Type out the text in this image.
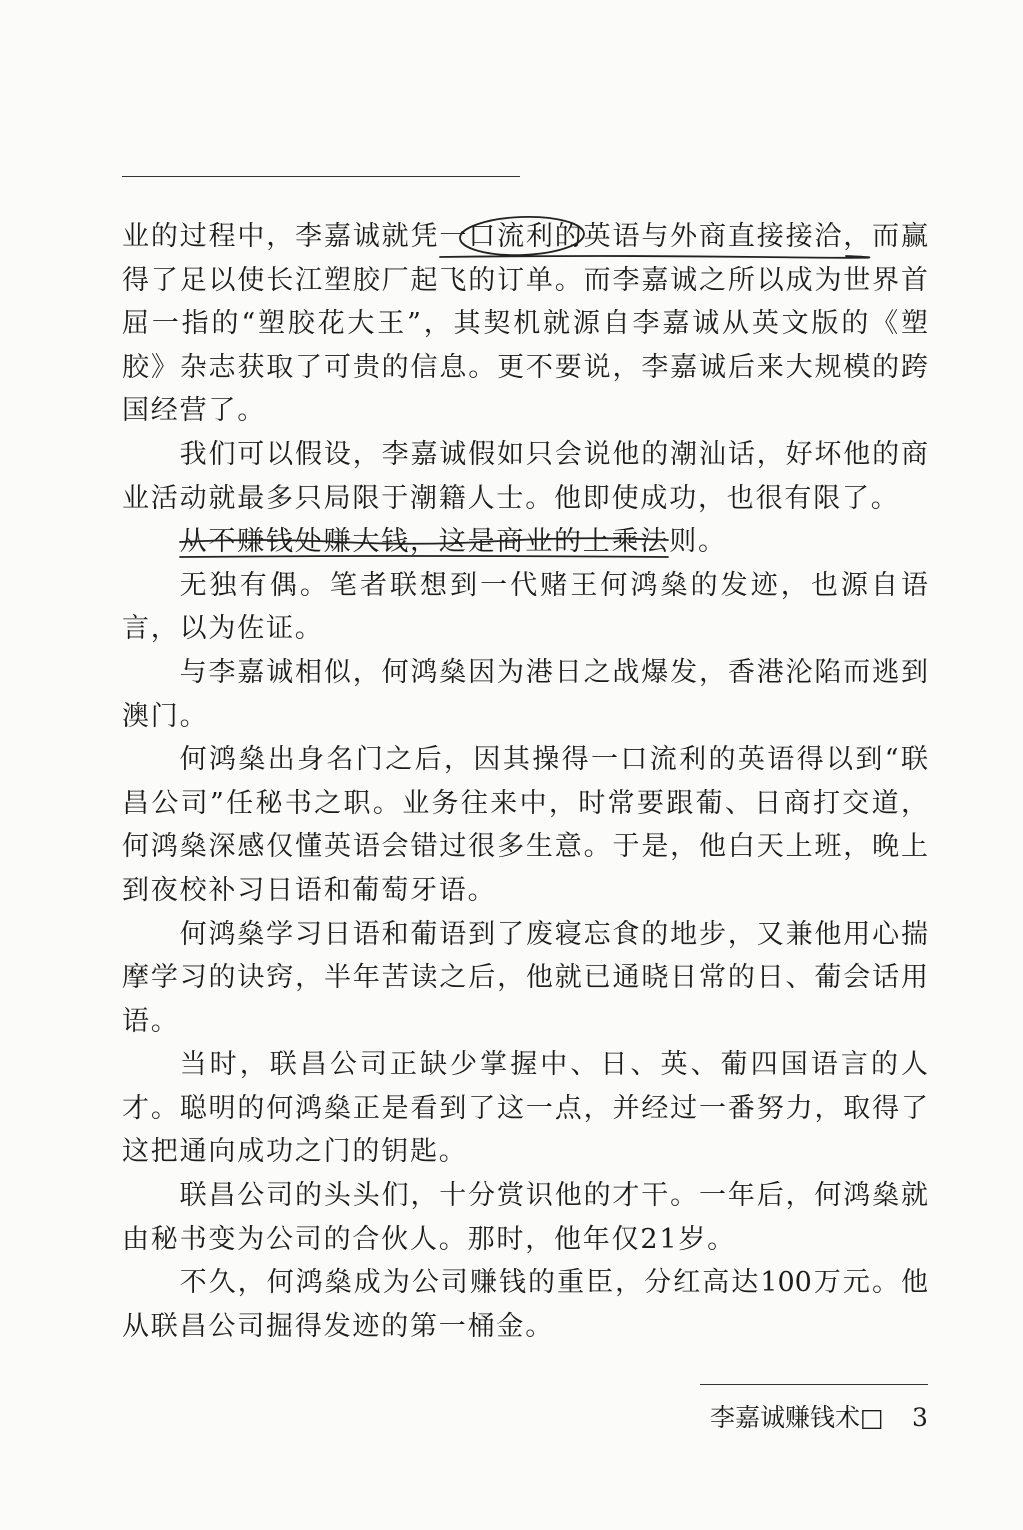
业的过程中，李嘉诚就凭一口流利的英语与外商直接接洽，而赢
得了足以使长江塑胶厂起飞的订单。而李嘉诚之所以成为世界首
屈一指的“塑胶花大王”，其契机就源自李嘉诚从英文版的《塑
胶》杂志获取了可贵的信息。更不要说，李嘉诚后来大规模的跨
国经营了。
我们可以假设，李嘉诚假如只会说他的潮汕话，好坏他的商
业活动就最多只局限于潮籍人士。他即使成功，也很有限了。
从不赚钱处赚大钱，这是商业的上乘法则。
无独有偶。笔者联想到一代赌王何鸿燊的发迹，也源自语
言，以为佐证。
与李嘉诚相似，何鸿燊因为港日之战爆发，香港沦陷而逃到
澳门。
何鸿燊出身名门之后，因其操得一口流利的英语得以到“联
昌公司”任秘书之职。业务往来中，时常要跟葡、日商打交道，
何鸿燊深感仅懂英语会错过很多生意。于是，他白天上班，晚上
到夜校补习日语和葡萄牙语。
何鸿燊学习日语和葡语到了废寝忘食的地步，又兼他用心揣
摩学习的诀窍，半年苦读之后，他就已通晓日常的日、葡会话用
语。
当时，联昌公司正缺少掌握中、日、英、葡四国语言的人
才。聪明的何鸿燊正是看到了这一点，并经过一番努力，取得了
这把通向成功之门的钥匙。
联昌公司的头头们，十分赏识他的才干。一年后，何鸿燊就
由秘书变为公司的合伙人。那时，他年仅21岁。
不久，何鸿燊成为公司赚钱的重臣，分红高达100万元。他
从联昌公司掘得发迹的第一桶金。
李嘉诚赚钱术□ 3
